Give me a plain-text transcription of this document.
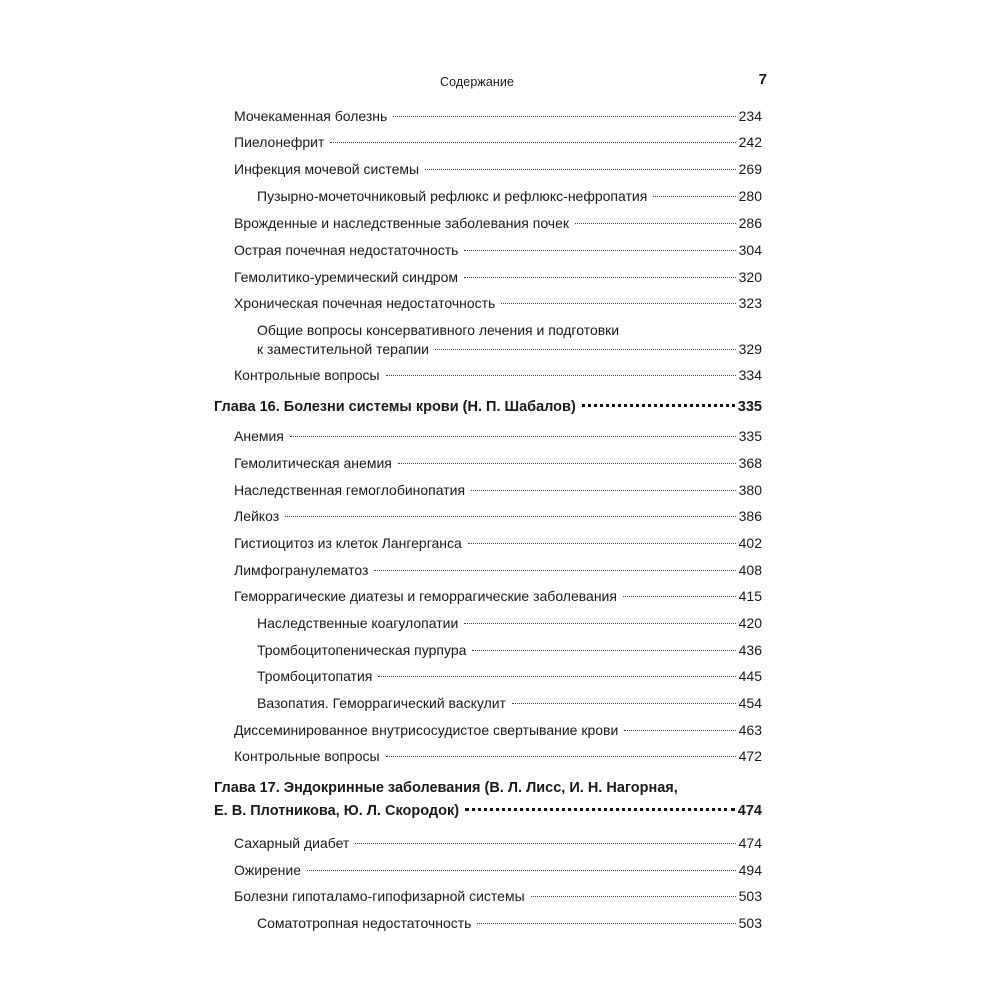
Содержание	7
Мочекаменная болезнь	234
Пиелонефрит	242
Инфекция мочевой системы	269
Пузырно-мочеточниковый рефлюкс и рефлюкс-нефропатия	280
Врожденные и наследственные заболевания почек	286
Острая почечная недостаточность	304
Гемолитико-уремический синдром	320
Хроническая почечная недостаточность	323
Общие вопросы консервативного лечения и подготовки
к заместительной терапии	329
Контрольные вопросы	334
Глава 16. Болезни системы крови (Н. П. Шабалов)	335
Анемия	335
Гемолитическая анемия	368
Наследственная гемоглобинопатия	380
Лейкоз	386
Гистиоцитоз из клеток Лангерганса	402
Лимфогранулематоз	408
Геморрагические диатезы и геморрагические заболевания	415
Наследственные коагулопатии	420
Тромбоцитопеническая пурпура	436
Тромбоцитопатия	445
Вазопатия. Геморрагический васкулит	454
Диссеминированное внутрисосудистое свертывание крови	463
Контрольные вопросы	472
Глава 17. Эндокринные заболевания (В. Л. Лисс, И. Н. Нагорная,
Е. В. Плотникова, Ю. Л. Скородок)	474
Сахарный диабет	474
Ожирение	494
Болезни гипоталамо-гипофизарной системы	503
Соматотропная недостаточность	503
